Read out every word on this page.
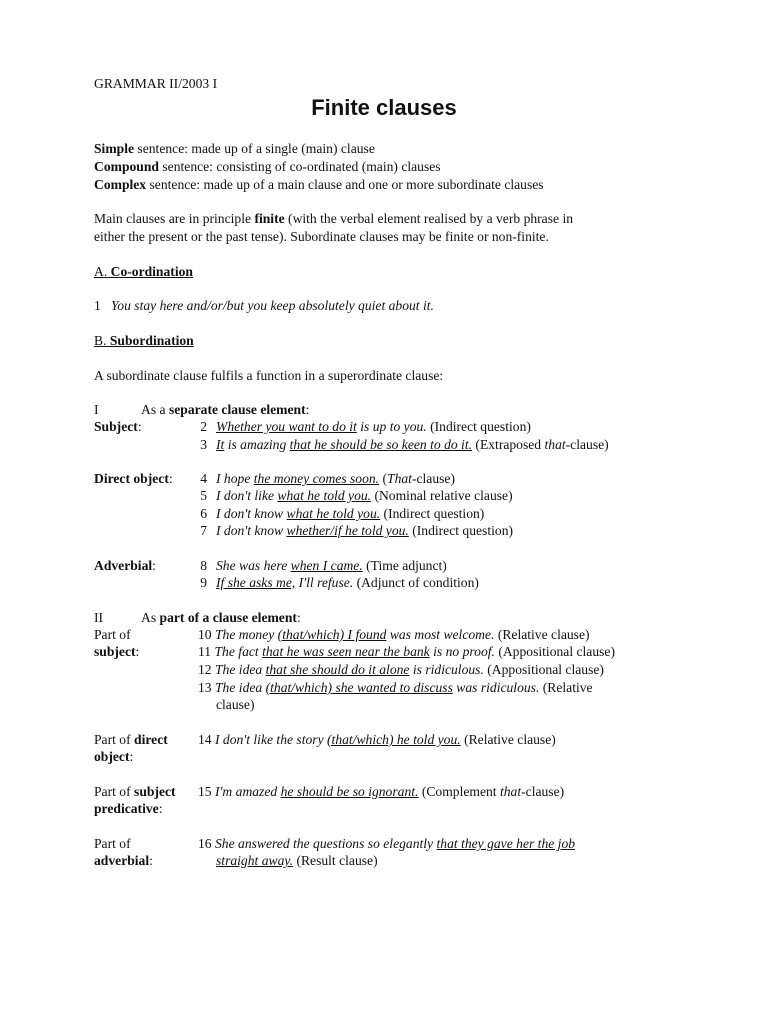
GRAMMAR II/2003 I
Finite clauses
Simple sentence: made up of a single (main) clause
Compound sentence: consisting of co-ordinated (main) clauses
Complex sentence: made up of a main clause and one or more subordinate clauses
Main clauses are in principle finite (with the verbal element realised by a verb phrase in
either the present or the past tense). Subordinate clauses may be finite or non-finite.
A. Co-ordination
1 You stay here and/or/but you keep absolutely quiet about it.
B. Subordination
A subordinate clause fulfils a function in a superordinate clause:
I	As a separate clause element:
Subject:	2 Whether you want to do it is up to you. (Indirect question)
3 It is amazing that he should be so keen to do it. (Extraposed that-clause)
Direct object:	4 I hope the money comes soon. (That-clause)
5 I don't like what he told you. (Nominal relative clause)
6 I don't know what he told you. (Indirect question)
7 I don't know whether/if he told you. (Indirect question)
Adverbial:	8 She was here when I came. (Time adjunct)
9 If she asks me, I'll refuse. (Adjunct of condition)
II	As part of a clause element:
Part of
subject:
10 The money (that/which) I found was most welcome. (Relative clause)
11 The fact that he was seen near the bank is no proof. (Appositional clause)
12 The idea that she should do it alone is ridiculous. (Appositional clause)
13 The idea (that/which) she wanted to discuss was ridiculous. (Relative
clause)
Part of direct
object:
14 I don't like the story (that/which) he told you. (Relative clause)
Part of subject
predicative:
15 I'm amazed he should be so ignorant. (Complement that-clause)
Part of
adverbial:
16 She answered the questions so elegantly that they gave her the job
straight away. (Result clause)
